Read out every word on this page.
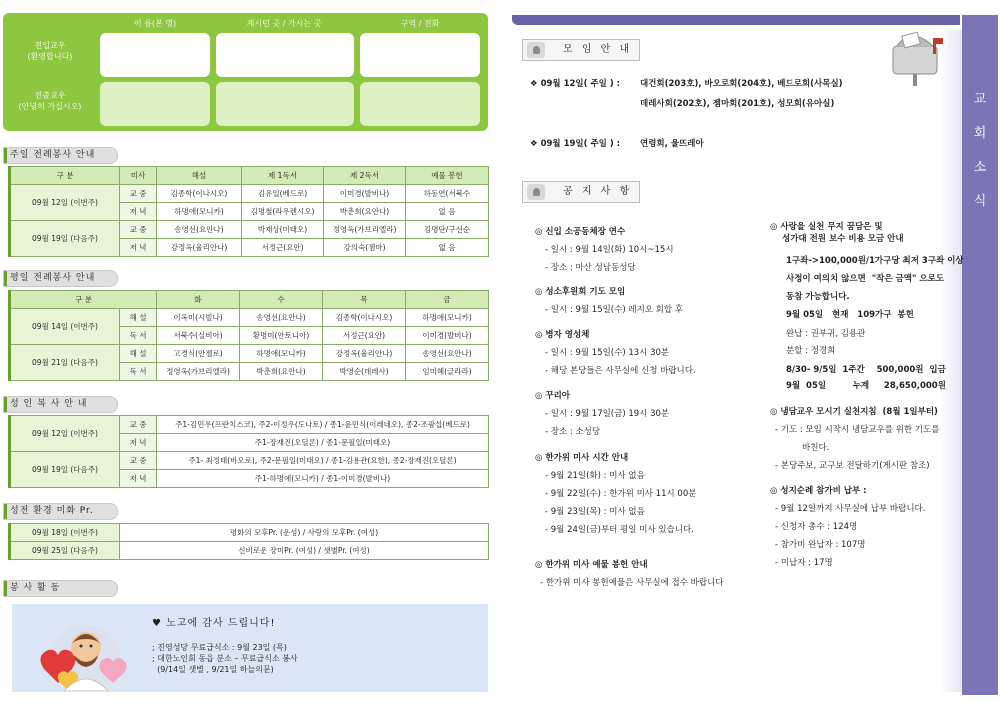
이 름(본 명)	계시던 곳 / 가시는 곳	구역 / 전화
전입교우
(환영합니다)
전출교우
(안녕히 가십시오)
주일 전례봉사 안내
구 분	미사	해설	제 1독서	제 2독서	예물 봉헌
09월 12일 (이번주)	교 중	김종학(이나시오)	김유일(베드로)	이미경(발비나)	하동연(서북수
	저 녁	하명애(모니카)	김명철(라우렌시오)	박춘희(요안나)	없 음
09월 19일 (다음주)	교 중	송영선(요안나)	박재상(미태오)	정영옥(가브리엘라)	김명단/구선순
	저 녁	강정옥(율리안나)	서정근(요안)	강의숙(젬마)	없 음
평일 전례봉사 안내
구 분		화	수	목	금
09월 14일 (이번주)	해 설	이옥미(시빌나)	송영선(요안나)	김종학(이나시오)	하명애(모니카)
	독 서	서북수(실비아)	황명미(안토니아)	서정근(요안)	이미경(발비나)
09월 21일 (다음주)	해 설	고경식(안젤로)	하명애(모니카)	강정옥(율리안나)	송영선(요안나)
	독 서	정영옥(가브리엘라)	박춘희(요안나)	박영순(데레사)	임미혜(글라라)
성 인 복 사 안 내
09월 12일 (이번주)	교 중	주1-김민우(프란치스코), 주2-이정우(도나토) / 종1-윤민식(이레네오), 종2-조광섭(베드로)
	저 녁	주1-장재진(오딜론) / 종1-문필일(미태오)
09월 19일 (다음주)	교 중	주1- 최정태(바오로), 주2-문필일(미태오) / 종1-김용관(요한), 종2-장재진(오딜론)
	저 녁	주1-하명애(모니카) / 종1-이미경(발비나)
성전 환경 미화 Pr.
09월 18일 (이번주)	평화의 모후Pr. (운성) / 사랑의 모후Pr. (여성)
09월 25일 (다음주)	신비로운 장미Pr. (여성) / 샛별Pr. (여성)
봉 사 활 동
♥ 노고에 감사 드립니다!
; 진영성당 무료급식소 : 9월 23일 (목)
; 대한노인회 동읍 분소 – 무료급식소 봉사
(9/14일 샛별 , 9/21일 하늘의문)
교
회
소
식
모 임 안 내
❖ 09월 12일( 주일 ) : 대건회(203호), 바오로회(204호), 베드로회(사목실)
데레사회(202호), 젬마회(201호), 성모회(유아실)
❖ 09월 19일( 주일 ) : 연령회, 울뜨레아
공 지 사 항
◎ 신입 소공동체장 연수
- 일시 : 9월 14일(화) 10시~15시
- 장소 : 마산 성남동성당
◎ 성소후원회 기도 모임
- 일시 : 9월 15일(수) 레지오 회합 후
◎ 병자 영성체
- 일시 : 9월 15일(수) 13시 30분
- 해당 본당들은 사무실에 신청 바랍니다.
◎ 꾸리아
- 일시 : 9월 17일(금) 19시 30분
- 장소 : 소성당
◎ 한가위 미사 시간 안내
- 9월 21일(화) : 미사 없음
- 9월 22일(수) : 한가위 미사 11시 00분
- 9월 23일(목) : 미사 없음
- 9월 24일(금)부터 평일 미사 있습니다.
◎ 한가위 미사 예물 봉헌 안내
- 한가위 미사 봉헌예물은 사무실에 접수 바랍니다
◎ 사랑을 실천 무지 꿈담은 및
성가대 전원 보수 비용 모금 안내
1구좌->100,000원/1가구당 최저 3구좌 이상
사정이 여의치 않으면  "작은 금액" 으로도
동참 가능합니다.
9월 05일   현재   109가구  봉헌
완납 : 권부귀, 김용관
분할 : 정경희
8/30- 9/5일  1주간    500,000원  입금
9월  05일         누계     28,650,000원
◎ 냉담교우 모시기 실천지침  (8월 1일부터)
- 기도 : 모임 시작시 냉담교우를 위한 기도를
바친다.
- 본당주보, 교구보 전달하기(게시판 참조)
◎ 성지순례 참가비 납부 :
- 9월 12일까지 사무실에 납부 바랍니다.
- 신청자 총수 : 124명
- 참가비 완납자 : 107명
- 미납자 : 17명
